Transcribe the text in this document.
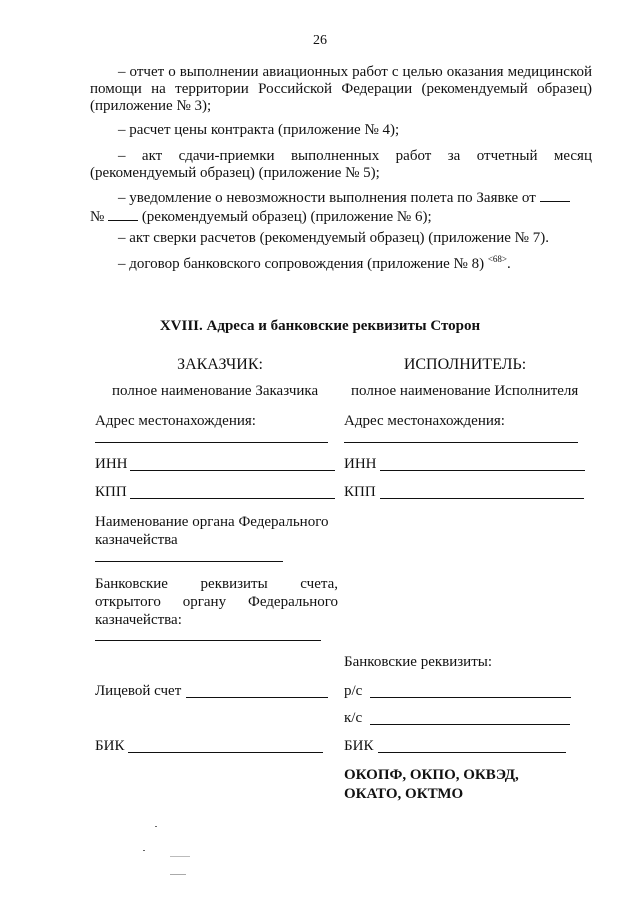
26

– отчет о выполнении авиационных работ с целью оказания медицинской помощи на территории Российской Федерации (рекомендуемый образец) (приложение № 3);

– расчет цены контракта (приложение № 4);

– акт сдачи-приемки выполненных работ за отчетный месяц (рекомендуемый образец) (приложение № 5);

– уведомление о невозможности выполнения полета по Заявке от

№	(рекомендуемый образец) (приложение № 6);

– акт сверки расчетов (рекомендуемый образец) (приложение № 7).

– договор банковского сопровождения (приложение № 8) $^{<68>}$.

XVIII. Адреса и банковские реквизиты Сторон
ЗАКАЗЧИК:
полное наименование Заказчика
Адрес местонахождения:
ИНН
КПП
Наименование органа Федерального казначейства
Банковские реквизиты счета, открытого органу Федерального казначейства:
Лицевой счет
БИК
ИСПОЛНИТЕЛЬ:
полное наименование Исполнителя
Адрес местонахождения:
ИНН
КПП
Банковские реквизиты:
р/с
к/с
БИК
ОКОПФ, ОКПО, ОКВЭД, ОКАТО, ОКТМО
